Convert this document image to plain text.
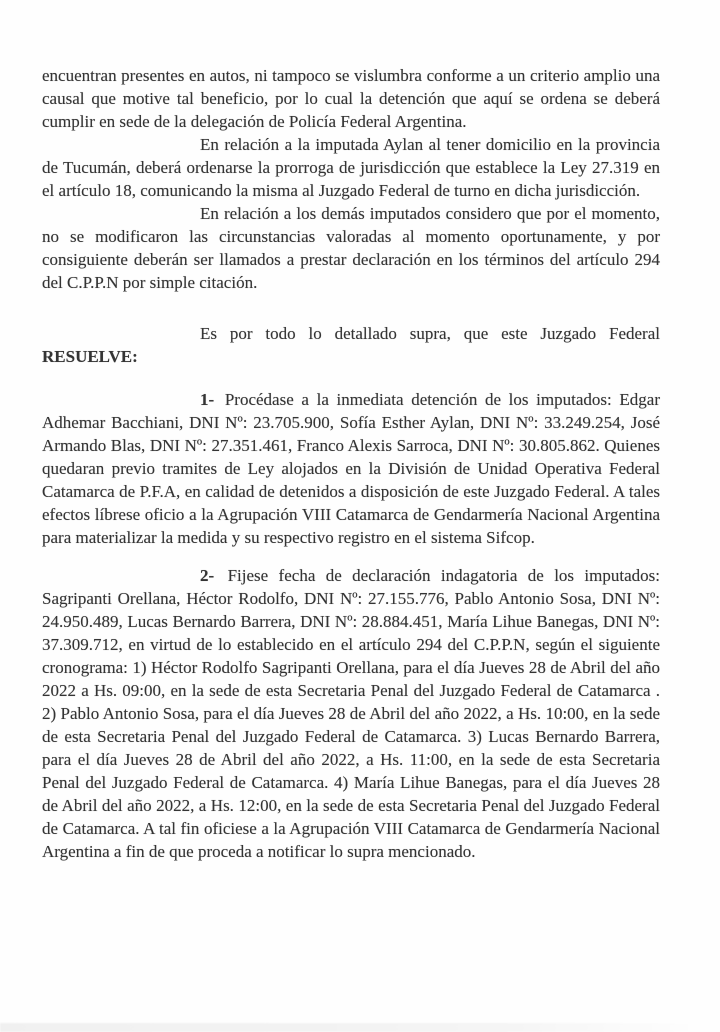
encuentran presentes en autos, ni tampoco se vislumbra conforme a un criterio amplio una causal que motive tal beneficio, por lo cual la detención que aquí se ordena se deberá cumplir en sede de la delegación de Policía Federal Argentina.

En relación a la imputada Aylan al tener domicilio en la provincia de Tucumán, deberá ordenarse la prorroga de jurisdicción que establece la Ley 27.319 en el artículo 18, comunicando la misma al Juzgado Federal de turno en dicha jurisdicción.

En relación a los demás imputados considero que por el momento, no se modificaron las circunstancias valoradas al momento oportunamente, y por consiguiente deberán ser llamados a prestar declaración en los términos del artículo 294 del C.P.P.N por simple citación.

Es por todo lo detallado supra, que este Juzgado Federal RESUELVE:

1- Procédase a la inmediata detención de los imputados: Edgar Adhemar Bacchiani, DNI Nº: 23.705.900, Sofía Esther Aylan, DNI Nº: 33.249.254, José Armando Blas, DNI Nº: 27.351.461, Franco Alexis Sarroca, DNI Nº: 30.805.862. Quienes quedaran previo tramites de Ley alojados en la División de Unidad Operativa Federal Catamarca de P.F.A, en calidad de detenidos a disposición de este Juzgado Federal. A tales efectos líbrese oficio a la Agrupación VIII Catamarca de Gendarmería Nacional Argentina para materializar la medida y su respectivo registro en el sistema Sifcop.

2- Fijese fecha de declaración indagatoria de los imputados: Sagripanti Orellana, Héctor Rodolfo, DNI Nº: 27.155.776, Pablo Antonio Sosa, DNI Nº: 24.950.489, Lucas Bernardo Barrera, DNI Nº: 28.884.451, María Lihue Banegas, DNI Nº: 37.309.712, en virtud de lo establecido en el artículo 294 del C.P.P.N, según el siguiente cronograma: 1) Héctor Rodolfo Sagripanti Orellana, para el día Jueves 28 de Abril del año 2022 a Hs. 09:00, en la sede de esta Secretaria Penal del Juzgado Federal de Catamarca . 2) Pablo Antonio Sosa, para el día Jueves 28 de Abril del año 2022, a Hs. 10:00, en la sede de esta Secretaria Penal del Juzgado Federal de Catamarca. 3) Lucas Bernardo Barrera, para el día Jueves 28 de Abril del año 2022, a Hs. 11:00, en la sede de esta Secretaria Penal del Juzgado Federal de Catamarca. 4) María Lihue Banegas, para el día Jueves 28 de Abril del año 2022, a Hs. 12:00, en la sede de esta Secretaria Penal del Juzgado Federal de Catamarca. A tal fin oficiese a la Agrupación VIII Catamarca de Gendarmería Nacional Argentina a fin de que proceda a notificar lo supra mencionado.
